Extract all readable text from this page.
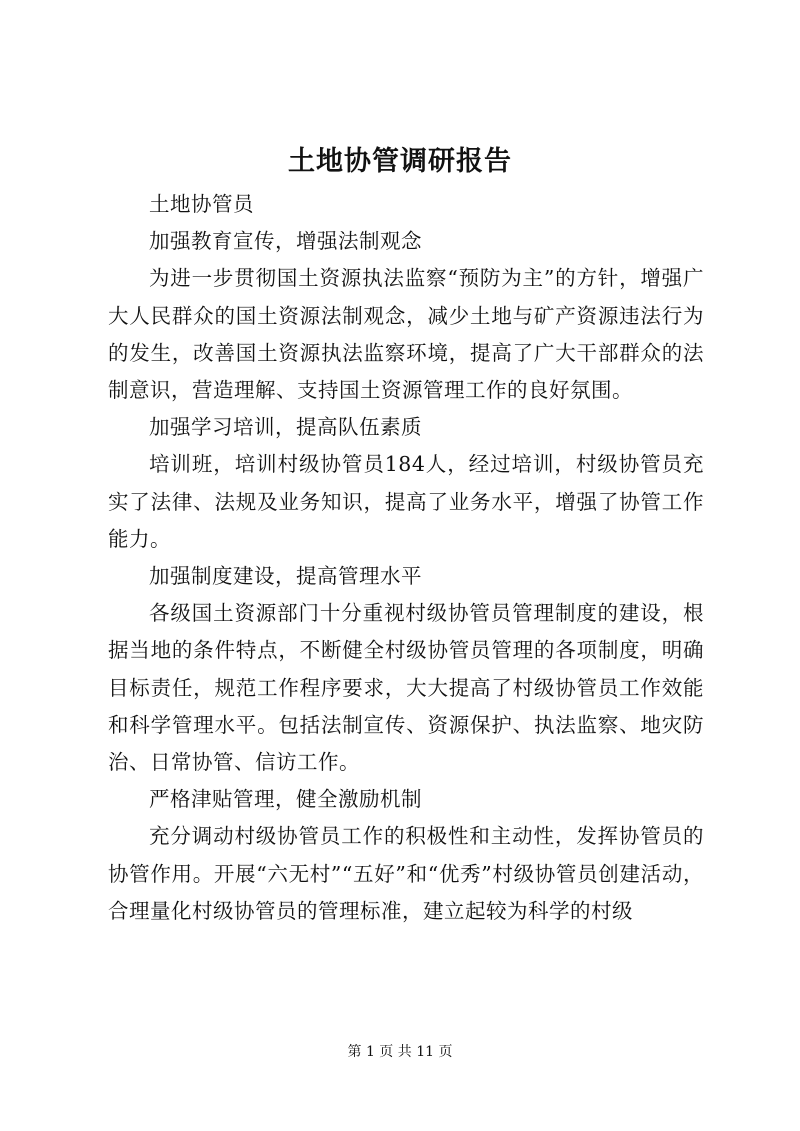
土地协管调研报告

土地协管员

加强教育宣传，增强法制观念

为进一步贯彻国土资源执法监察“预防为主”的方针，增强广大人民群众的国土资源法制观念，减少土地与矿产资源违法行为的发生，改善国土资源执法监察环境，提高了广大干部群众的法制意识，营造理解、支持国土资源管理工作的良好氛围。

加强学习培训，提高队伍素质

培训班，培训村级协管员184人，经过培训，村级协管员充实了法律、法规及业务知识，提高了业务水平，增强了协管工作能力。

加强制度建设，提高管理水平

各级国土资源部门十分重视村级协管员管理制度的建设，根据当地的条件特点，不断健全村级协管员管理的各项制度，明确目标责任，规范工作程序要求，大大提高了村级协管员工作效能和科学管理水平。包括法制宣传、资源保护、执法监察、地灾防治、日常协管、信访工作。

严格津贴管理，健全激励机制

充分调动村级协管员工作的积极性和主动性，发挥协管员的协管作用。开展“六无村”“五好”和“优秀”村级协管员创建活动，合理量化村级协管员的管理标准，建立起较为科学的村级

第 1 页 共 11 页
